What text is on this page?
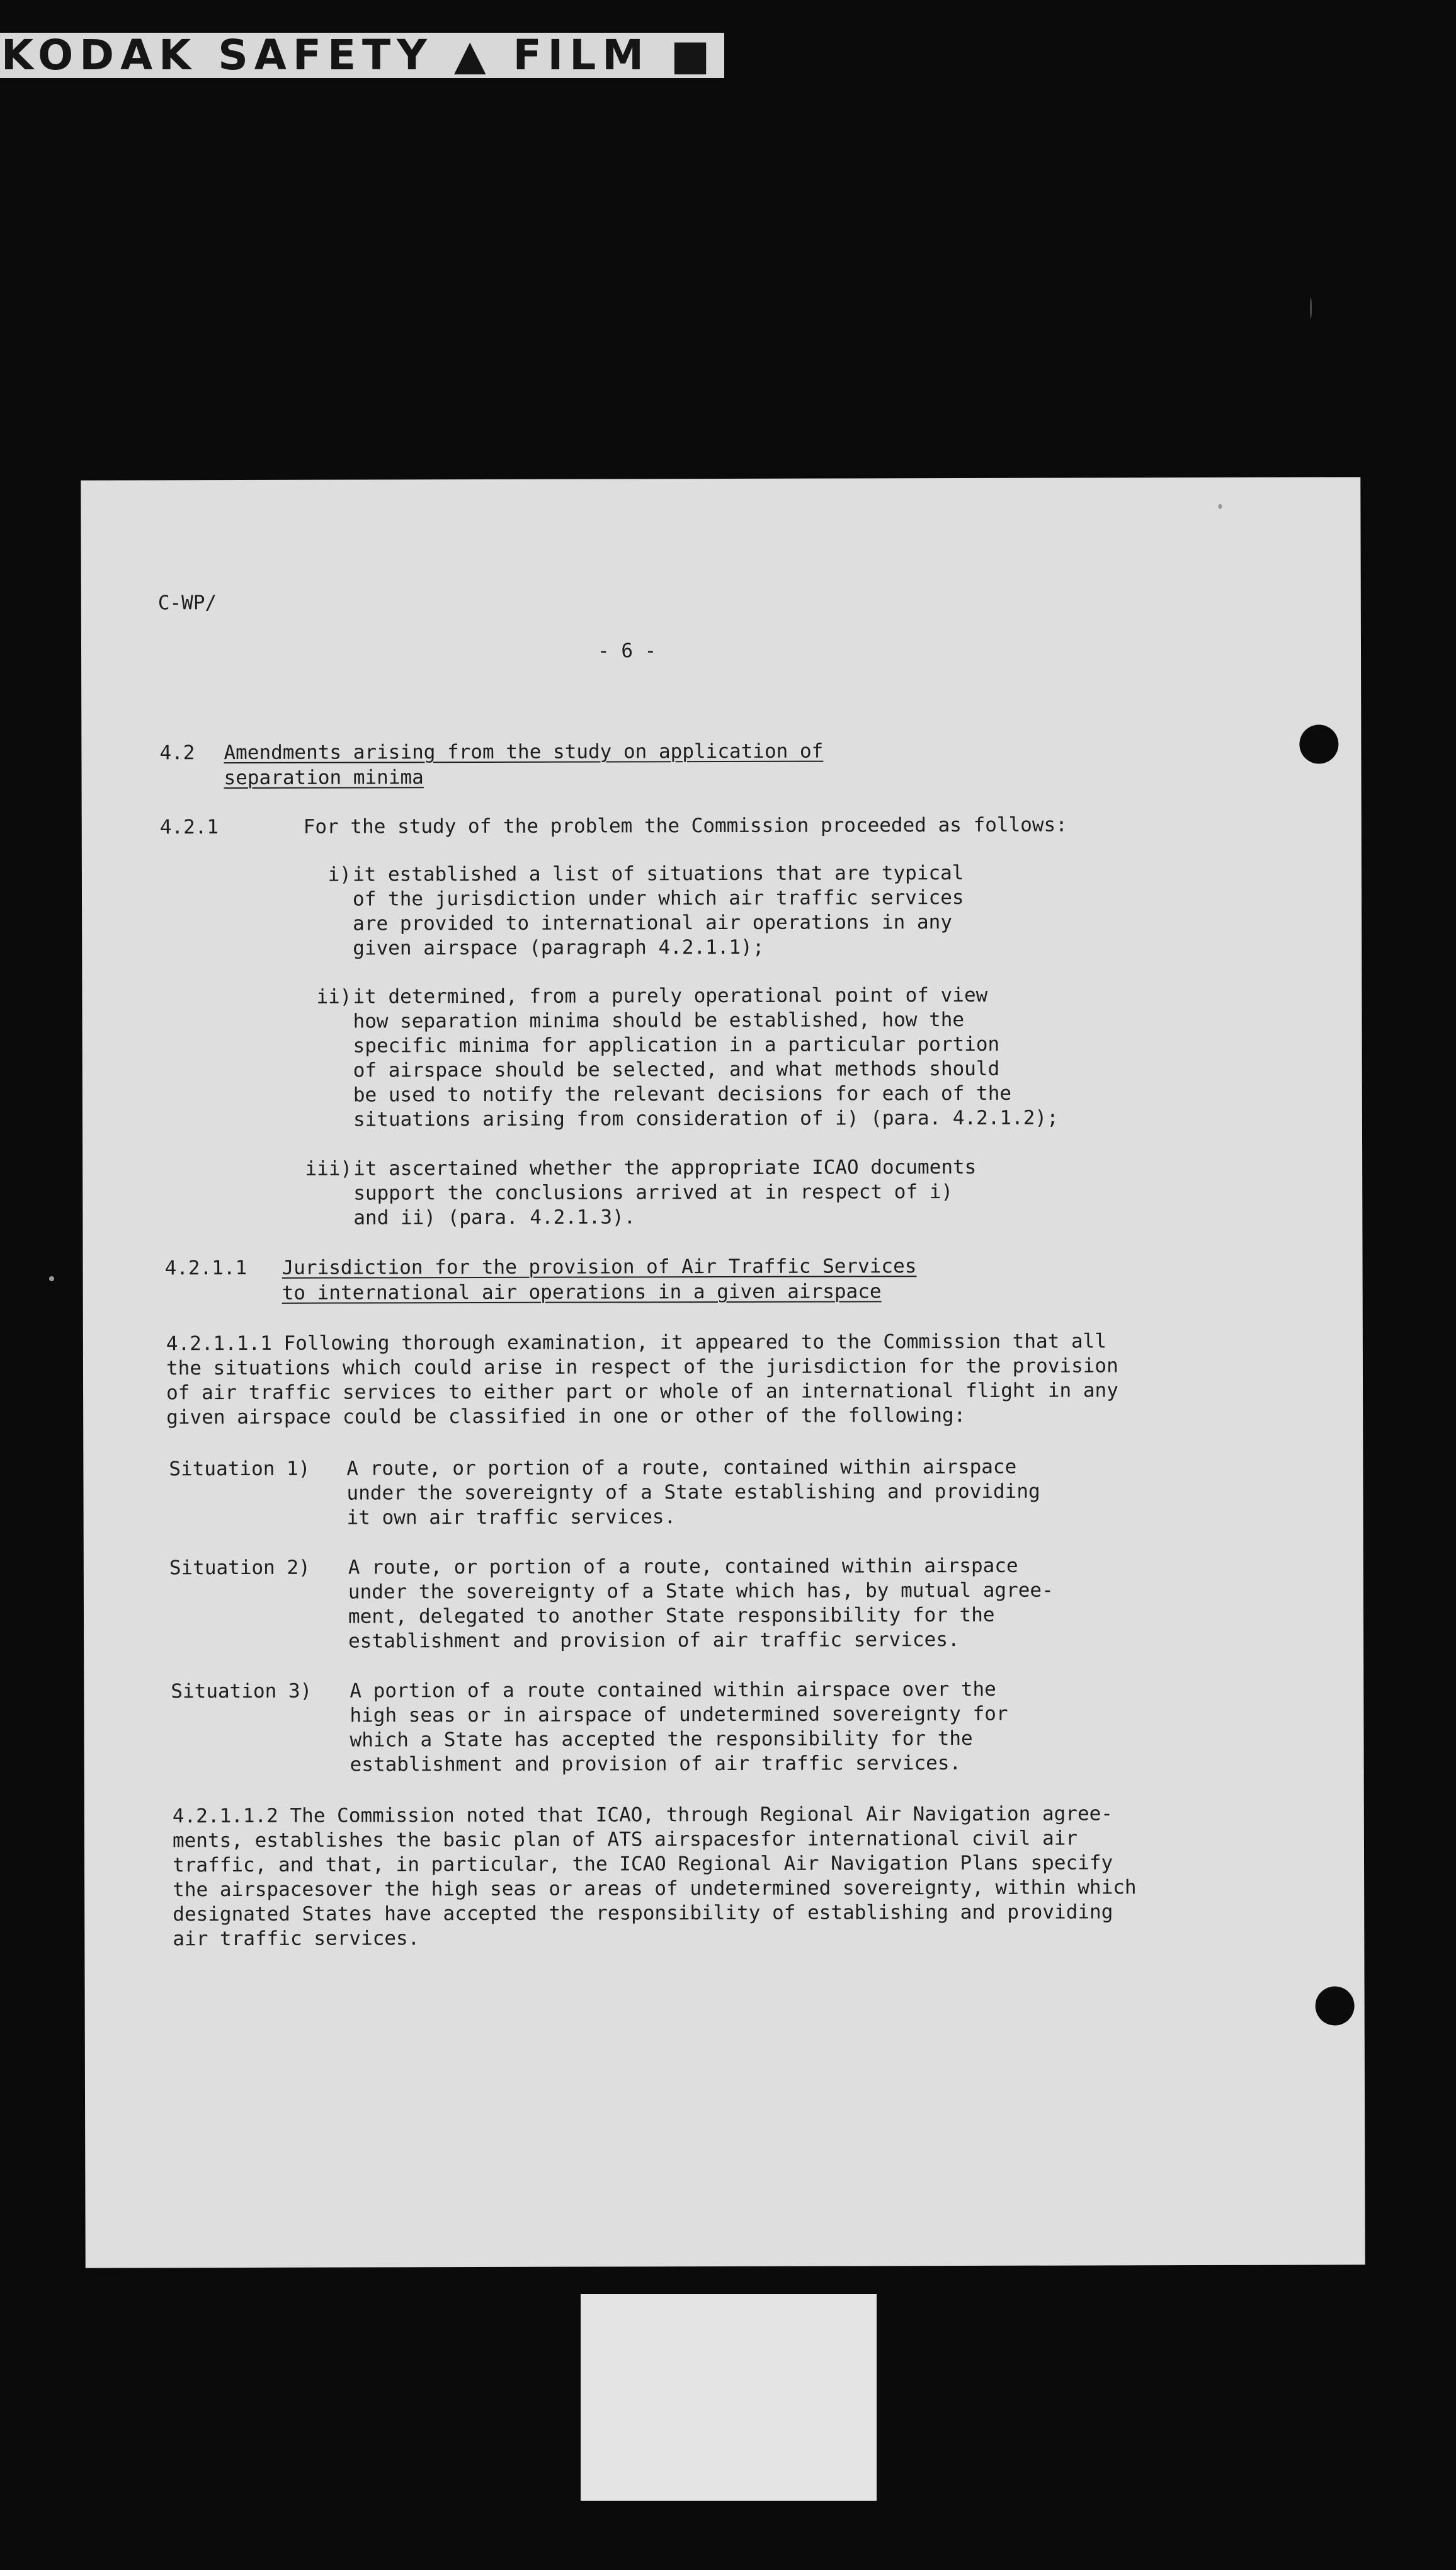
KODAK SAFETY ▲ FILM ■
C-WP/
- 6 -
4.2 Amendments arising from the study on application of
separation minima
4.2.1	For the study of the problem the Commission proceeded as follows:
i) it established a list of situations that are typical
of the jurisdiction under which air traffic services
are provided to international air operations in any
given airspace (paragraph 4.2.1.1);
ii) it determined, from a purely operational point of view
how separation minima should be established, how the
specific minima for application in a particular portion
of airspace should be selected, and what methods should
be used to notify the relevant decisions for each of the
situations arising from consideration of i) (para. 4.2.1.2);
iii) it ascertained whether the appropriate ICAO documents
support the conclusions arrived at in respect of i)
and ii) (para. 4.2.1.3).
4.2.1.1 Jurisdiction for the provision of Air Traffic Services
to international air operations in a given airspace
4.2.1.1.1 Following thorough examination, it appeared to the Commission that all
the situations which could arise in respect of the jurisdiction for the provision
of air traffic services to either part or whole of an international flight in any
given airspace could be classified in one or other of the following:
Situation 1) A route, or portion of a route, contained within airspace
under the sovereignty of a State establishing and providing
it own air traffic services.
Situation 2) A route, or portion of a route, contained within airspace
under the sovereignty of a State which has, by mutual agree-
ment, delegated to another State responsibility for the
establishment and provision of air traffic services.
Situation 3) A portion of a route contained within airspace over the
high seas or in airspace of undetermined sovereignty for
which a State has accepted the responsibility for the
establishment and provision of air traffic services.
4.2.1.1.2 The Commission noted that ICAO, through Regional Air Navigation agree-
ments, establishes the basic plan of ATS airspacesfor international civil air
traffic, and that, in particular, the ICAO Regional Air Navigation Plans specify
the airspacesover the high seas or areas of undetermined sovereignty, within which
designated States have accepted the responsibility of establishing and providing
air traffic services.
